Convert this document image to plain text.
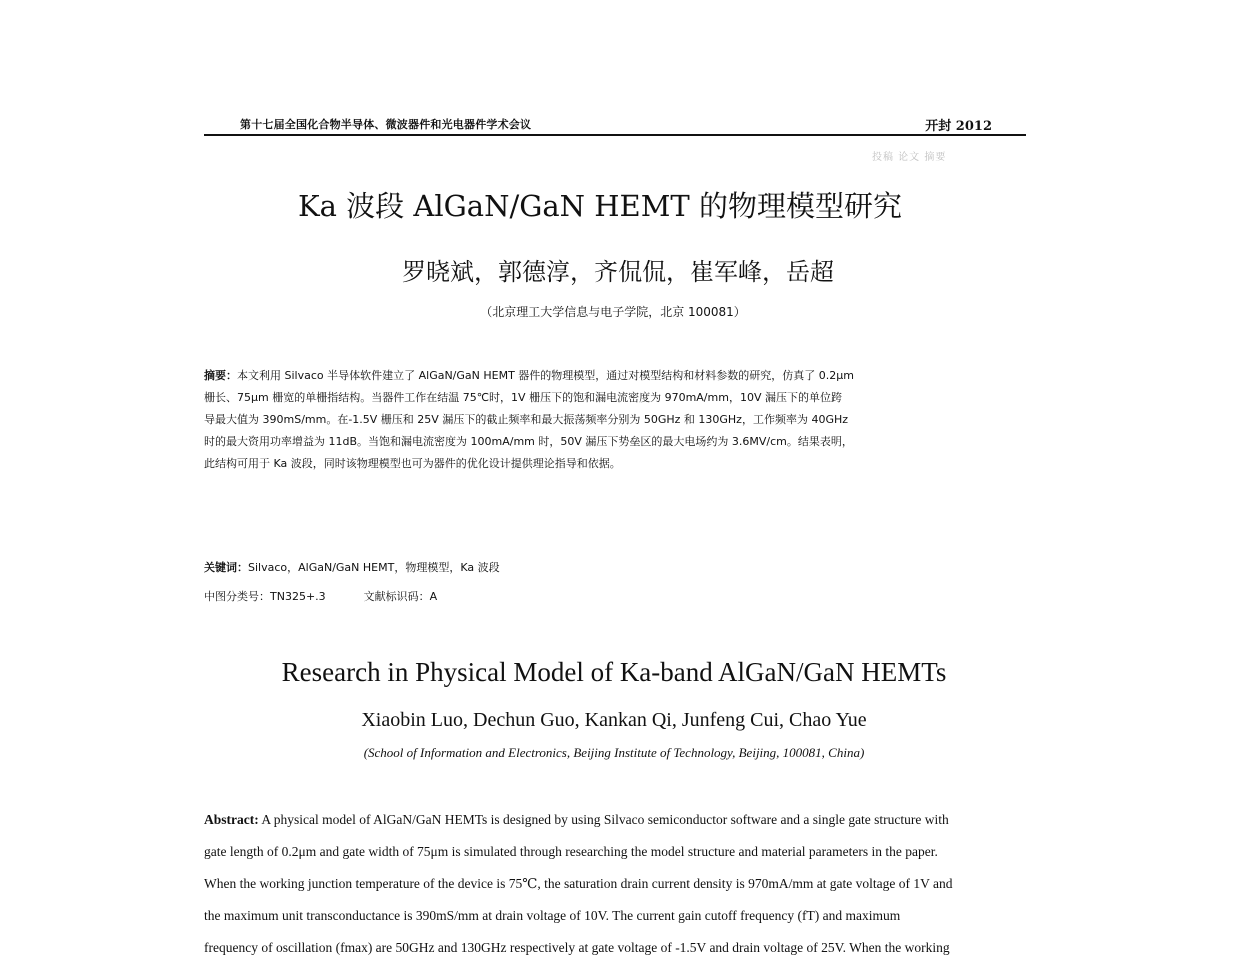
第十七届全国化合物半导体、微波器件和光电器件学术会议	开封 2012
投稿 论文 摘要
Ka 波段 AlGaN/GaN HEMT 的物理模型研究
罗晓斌，郭德淳，齐侃侃，崔军峰，岳超
（北京理工大学信息与电子学院，北京 100081）

摘要：本文利用 Silvaco 半导体软件建立了 AlGaN/GaN HEMT 器件的物理模型，通过对模型结构和材料参数的研究，仿真了 0.2μm
栅长、75μm 栅宽的单栅指结构。当器件工作在结温 75℃时，1V 栅压下的饱和漏电流密度为 970mA/mm，10V 漏压下的单位跨
导最大值为 390mS/mm。在-1.5V 栅压和 25V 漏压下的截止频率和最大振荡频率分别为 50GHz 和 130GHz，工作频率为 40GHz
时的最大资用功率增益为 11dB。当饱和漏电流密度为 100mA/mm 时，50V 漏压下势垒区的最大电场约为 3.6MV/cm。结果表明，
此结构可用于 Ka 波段，同时该物理模型也可为器件的优化设计提供理论指导和依据。

关键词：Silvaco，AlGaN/GaN HEMT，物理模型，Ka 波段
中图分类号：TN325+.3	文献标识码：A
Research in Physical Model of Ka-band AlGaN/GaN HEMTs
Xiaobin Luo, Dechun Guo, Kankan Qi, Junfeng Cui, Chao Yue
(School of Information and Electronics, Beijing Institute of Technology, Beijing, 100081, China)

Abstract: A physical model of AlGaN/GaN HEMTs is designed by using Silvaco semiconductor software and a single gate structure with
gate length of 0.2μm and gate width of 75μm is simulated through researching the model structure and material parameters in the paper.
When the working junction temperature of the device is 75℃, the saturation drain current density is 970mA/mm at gate voltage of 1V and
the maximum unit transconductance is 390mS/mm at drain voltage of 10V. The current gain cutoff frequency (fT) and maximum
frequency of oscillation (fmax) are 50GHz and 130GHz respectively at gate voltage of -1.5V and drain voltage of 25V. When the working
